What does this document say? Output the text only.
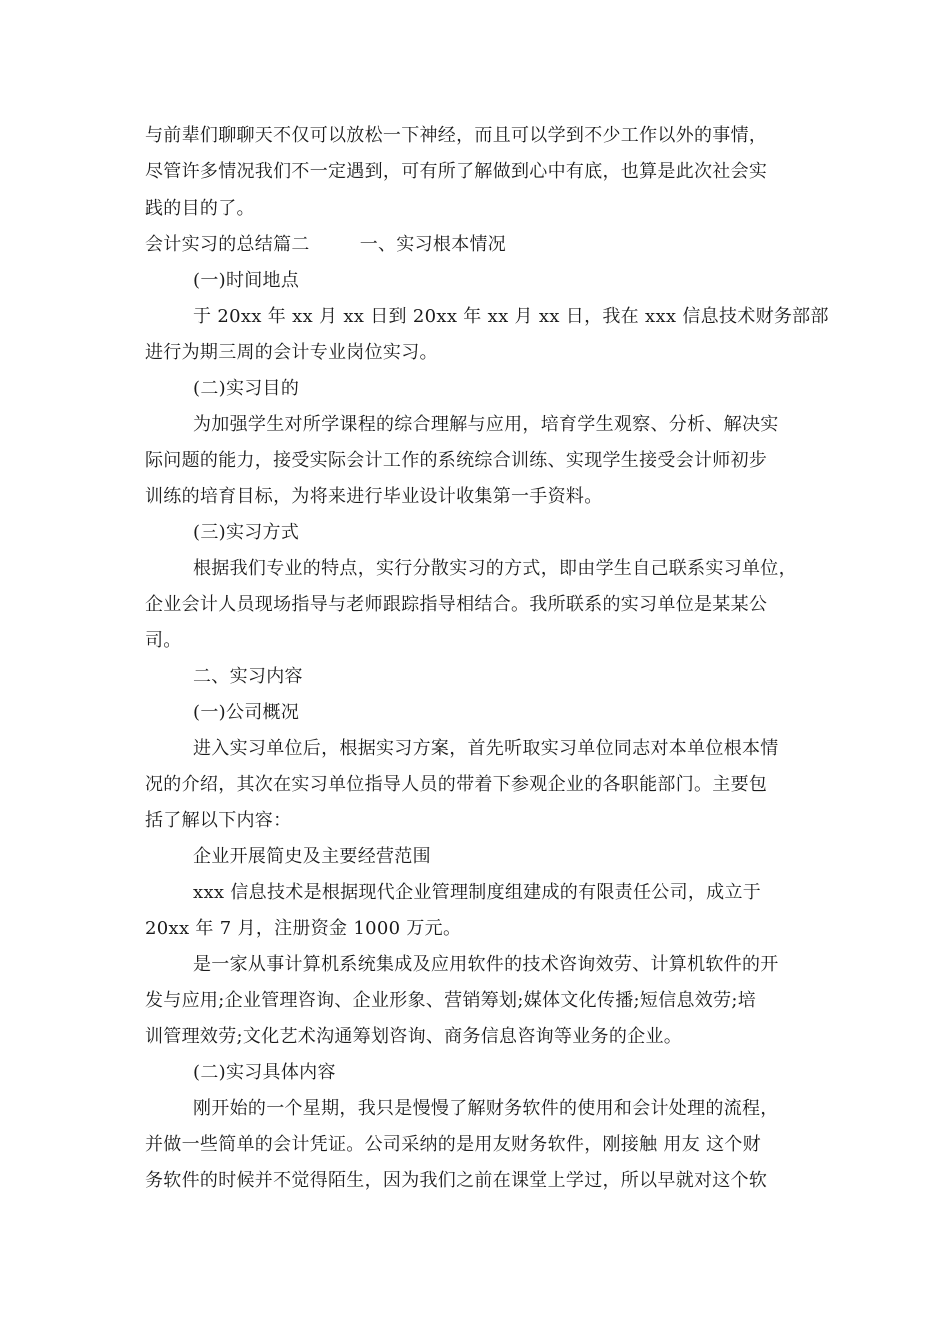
与前辈们聊聊天不仅可以放松一下神经，而且可以学到不少工作以外的事情，
尽管许多情况我们不一定遇到，可有所了解做到心中有底，也算是此次社会实
践的目的了。
会计实习的总结篇二	一、实习根本情况
(一)时间地点
于 20xx 年 xx 月 xx 日到 20xx 年 xx 月 xx 日，我在 xxx 信息技术财务部部
进行为期三周的会计专业岗位实习。
(二)实习目的
为加强学生对所学课程的综合理解与应用，培育学生观察、分析、解决实
际问题的能力，接受实际会计工作的系统综合训练、实现学生接受会计师初步
训练的培育目标，为将来进行毕业设计收集第一手资料。
(三)实习方式
根据我们专业的特点，实行分散实习的方式，即由学生自己联系实习单位，
企业会计人员现场指导与老师跟踪指导相结合。我所联系的实习单位是某某公
司。
二、实习内容
(一)公司概况
进入实习单位后，根据实习方案，首先听取实习单位同志对本单位根本情
况的介绍，其次在实习单位指导人员的带着下参观企业的各职能部门。主要包
括了解以下内容：
企业开展简史及主要经营范围
xxx 信息技术是根据现代企业管理制度组建成的有限责任公司，成立于
20xx 年 7 月，注册资金 1000 万元。
是一家从事计算机系统集成及应用软件的技术咨询效劳、计算机软件的开
发与应用;企业管理咨询、企业形象、营销筹划;媒体文化传播;短信息效劳;培
训管理效劳;文化艺术沟通筹划咨询、商务信息咨询等业务的企业。
(二)实习具体内容
刚开始的一个星期，我只是慢慢了解财务软件的使用和会计处理的流程，
并做一些简单的会计凭证。公司采纳的是用友财务软件，刚接触 用友 这个财
务软件的时候并不觉得陌生，因为我们之前在课堂上学过，所以早就对这个软
